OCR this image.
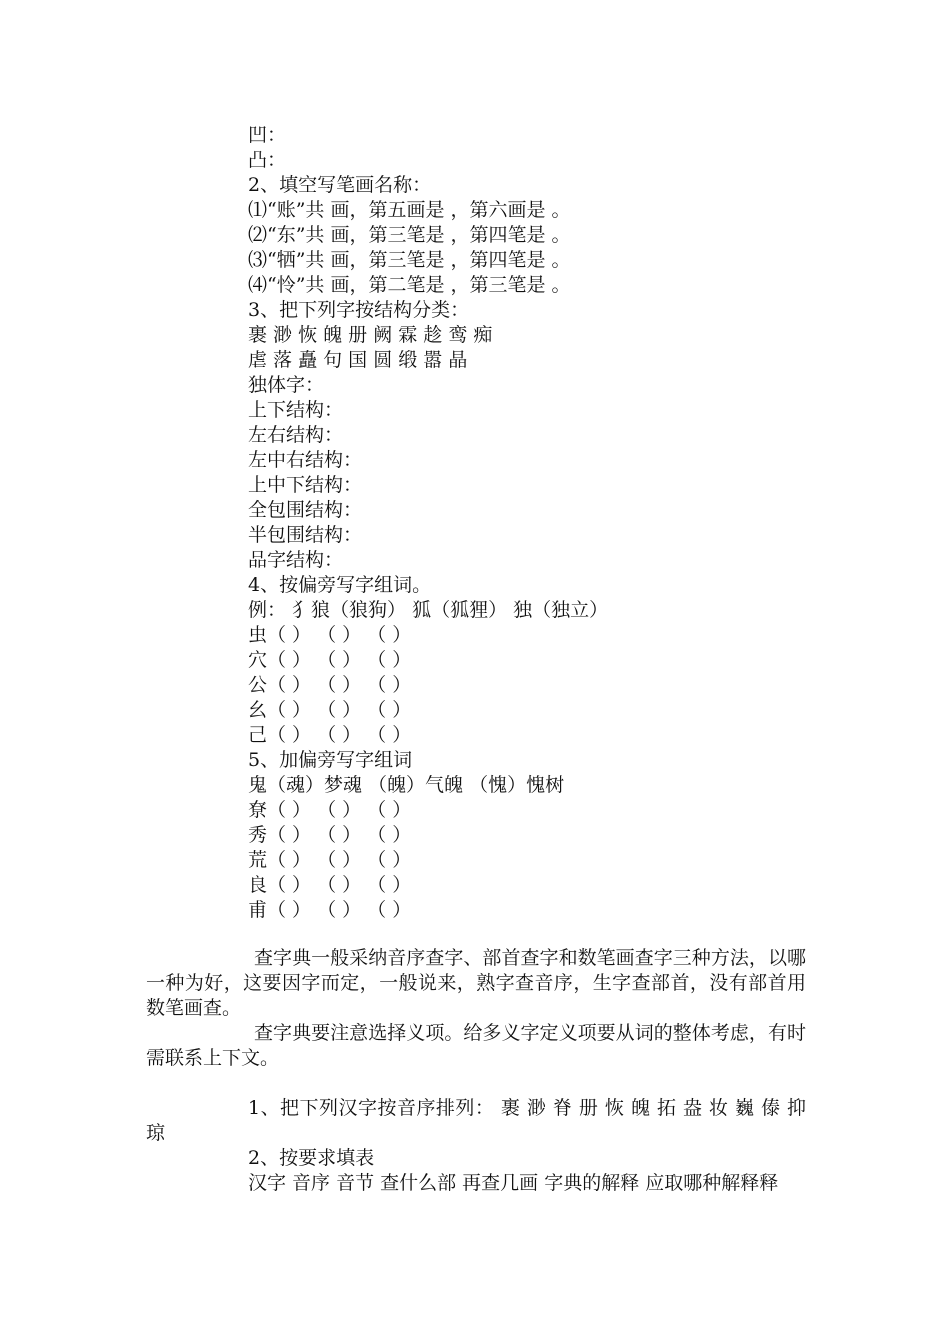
凹：
凸：
2、填空写笔画名称：
⑴“账”共 画，第五画是 ，第六画是 。
⑵“东”共 画，第三笔是 ，第四笔是 。
⑶“牺”共 画，第三笔是 ，第四笔是 。
⑷“怜”共 画，第二笔是 ，第三笔是 。
3、把下列字按结构分类：
裹 渺 恢 魄 册 阙 霖 趁 鸾 痴
虐 落 矗 句 国 圆 缎 嚣 晶
独体字：
上下结构：
左右结构：
左中右结构：
上中下结构：
全包围结构：
半包围结构：
品字结构：
4、按偏旁写字组词。
例： 犭狼（狼狗） 狐（狐狸） 独（独立）
虫（ ） （ ） （ ）
穴（ ） （ ） （ ）
公（ ） （ ） （ ）
幺（ ） （ ） （ ）
己（ ） （ ） （ ）
5、加偏旁写字组词
鬼（魂）梦魂 （魄）气魄 （愧）愧树
尞（ ） （ ） （ ）
秀（ ） （ ） （ ）
荒（ ） （ ） （ ）
良（ ） （ ） （ ）
甫（ ） （ ） （ ）
查字典一般采纳音序查字、部首查字和数笔画查字三种方法，以哪一种为好，这要因字而定，一般说来，熟字查音序，生字查部首，没有部首用数笔画查。
查字典要注意选择义项。给多义字定义项要从词的整体考虑，有时需联系上下文。
1、把下列汉字按音序排列： 裹 渺 脊 册 恢 魄 拓 盎 妆 巍 傣 抑 琼
2、按要求填表
汉字 音序 音节 查什么部 再查几画 字典的解释 应取哪种解释释
